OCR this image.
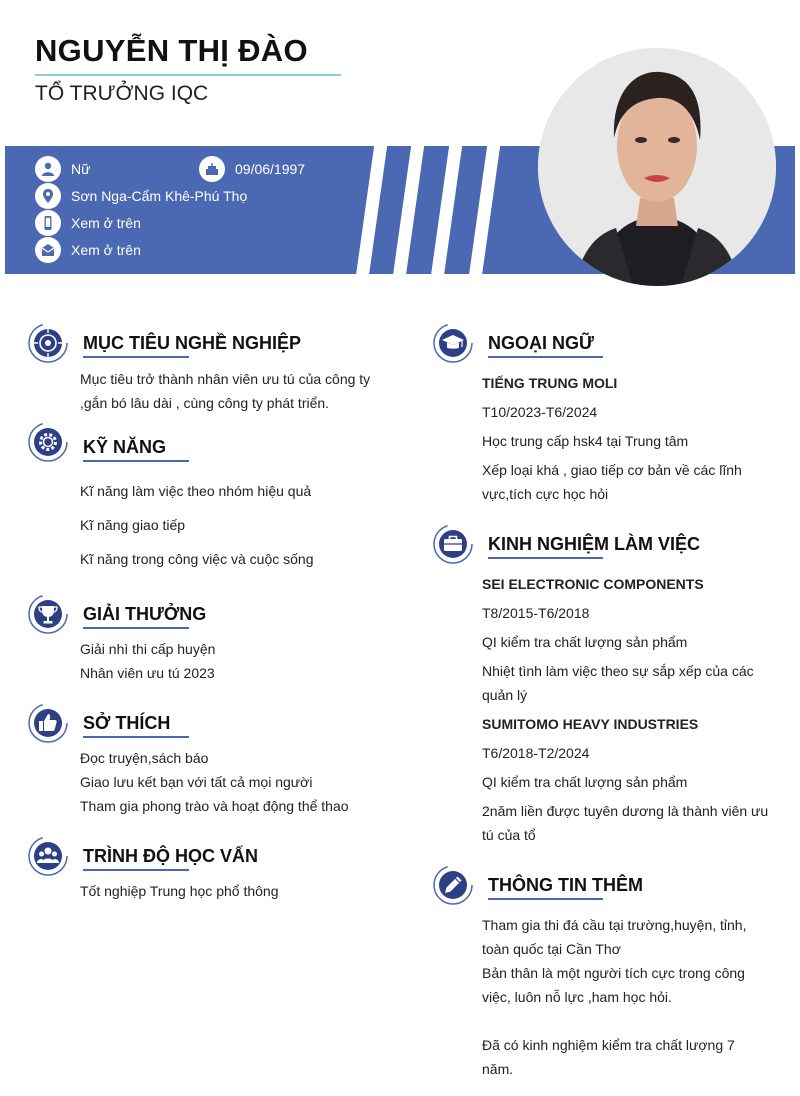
NGUYỄN THỊ ĐÀO
TỔ TRƯỞNG IQC
Nữ	09/06/1997
Sơn Nga-Cẩm Khê-Phú Thọ
Xem ở trên
Xem ở trên
MỤC TIÊU NGHỀ NGHIỆP
Mục tiêu trở thành nhân viên ưu tú của công ty
,gắn bó lâu dài , cùng công ty phát triển.
KỸ NĂNG
Kĩ năng làm việc theo nhóm hiệu quả
Kĩ năng giao tiếp
Kĩ năng trong công việc và cuộc sống
GIẢI THƯỞNG
Giải nhì thi cấp huyện
Nhân viên ưu tú 2023
SỞ THÍCH
Đọc truyện,sách báo
Giao lưu kết bạn với tất cả mọi người
Tham gia phong trào và hoạt động thể thao
TRÌNH ĐỘ HỌC VẤN
Tốt nghiệp Trung học phổ thông
NGOẠI NGỮ
TIẾNG TRUNG MOLI
T10/2023-T6/2024
Học trung cấp hsk4 tại Trung tâm
Xếp loại khá , giao tiếp cơ bản về các lĩnh
vực,tích cực học hỏi
KINH NGHIỆM LÀM VIỆC
SEI ELECTRONIC COMPONENTS
T8/2015-T6/2018
QI kiểm tra chất lượng sản phẩm
Nhiệt tình làm việc theo sự sắp xếp của các
quản lý
SUMITOMO HEAVY INDUSTRIES
T6/2018-T2/2024
QI kiểm tra chất lượng sản phẩm
2năm liền được tuyên dương là thành viên ưu
tú của tổ
THÔNG TIN THÊM
Tham gia thi đá cầu tại trường,huyện, tỉnh,
toàn quốc tại Cần Thơ
Bản thân là một người tích cực trong công
việc, luôn nỗ lực ,ham học hỏi.
Đã có kinh nghiệm kiểm tra chất lượng 7
năm.
